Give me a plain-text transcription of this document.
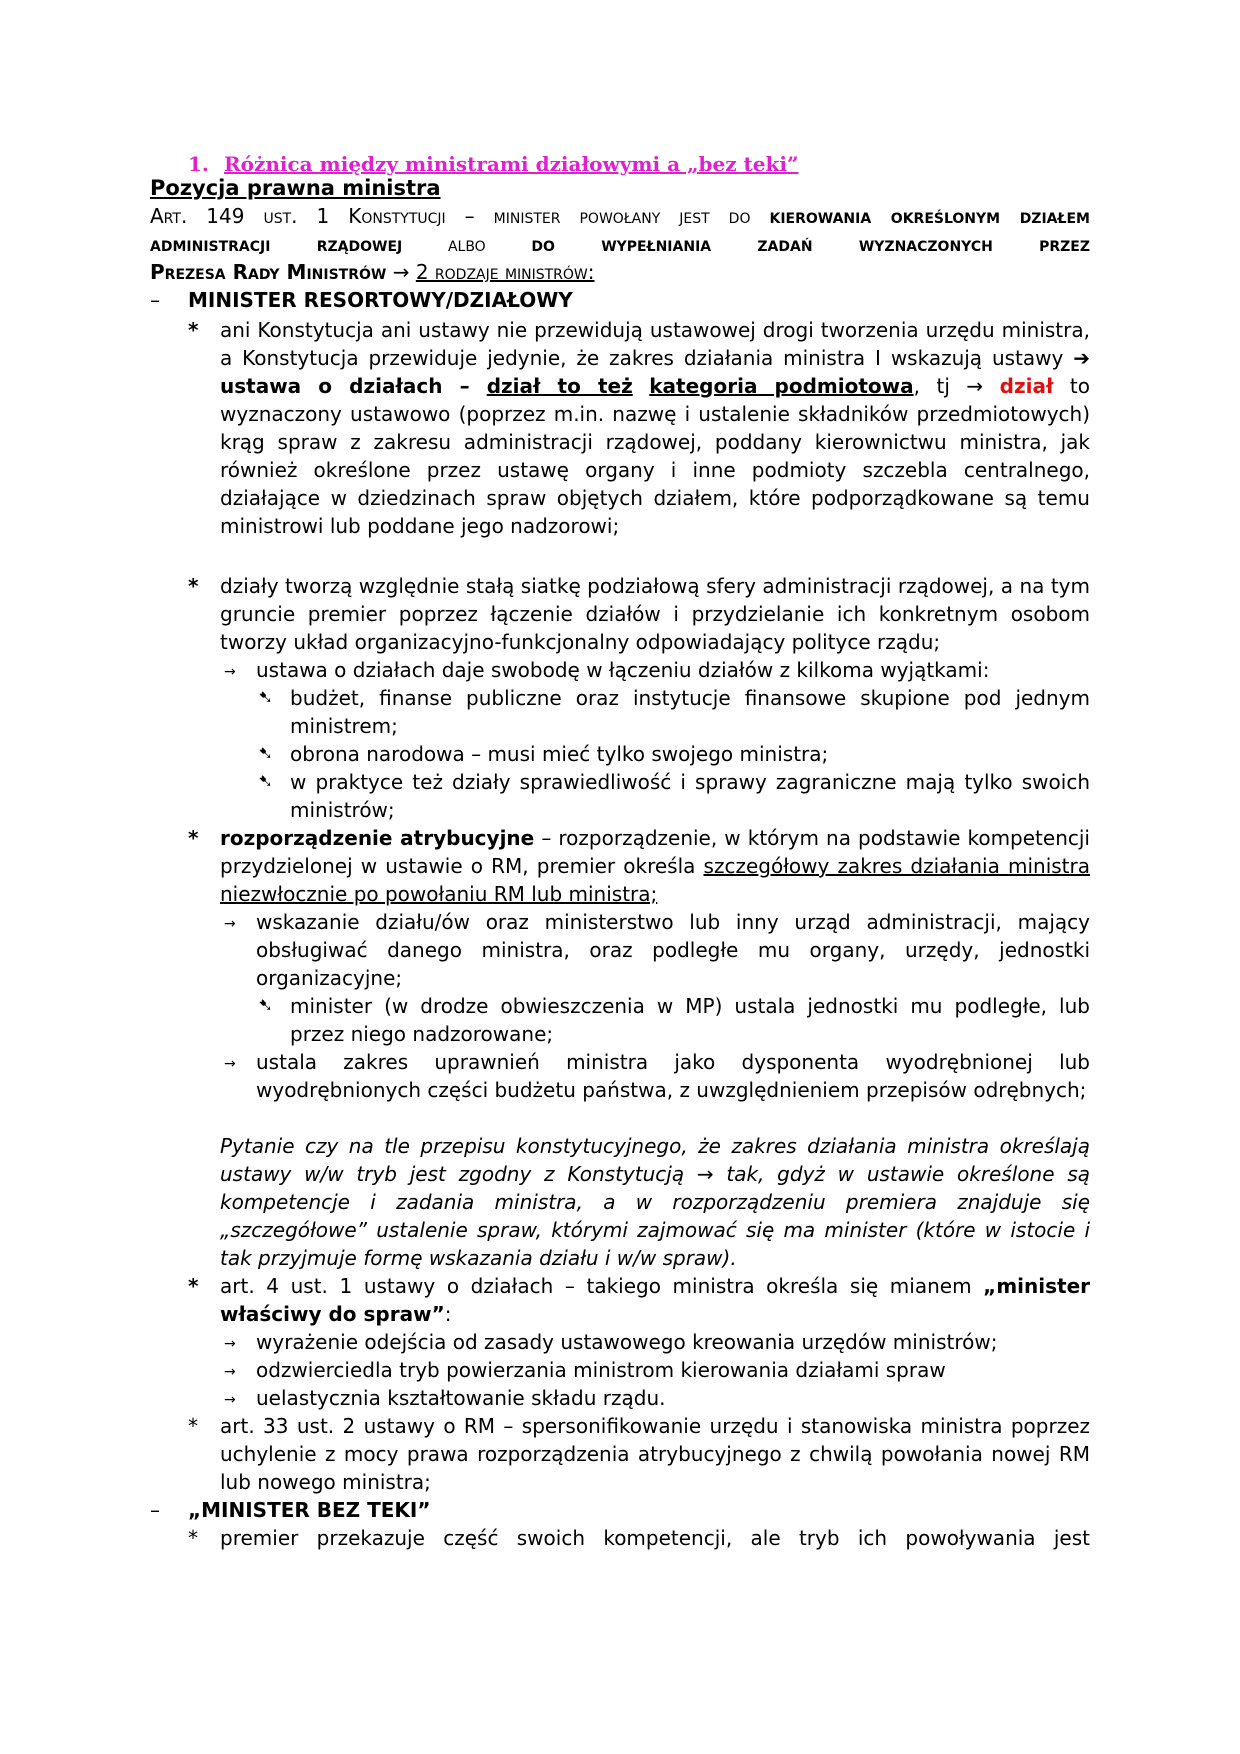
1. Różnica między ministrami działowymi a „bez teki”
Pozycja prawna ministra
Art. 149 ust. 1 Konstytucji – minister powołany jest do kierowania określonym działem
administracji rządowej albo do wypełniania zadań wyznaczonych przez
Prezesa Rady Ministrów → 2 rodzaje ministrów:
– MINISTER RESORTOWY/DZIAŁOWY
* ani Konstytucja ani ustawy nie przewidują ustawowej drogi tworzenia urzędu ministra, a Konstytucja przewiduje jedynie, że zakres działania ministra I wskazują ustawy ➔ ustawa o działach – dział to też kategoria podmiotowa, tj → dział to wyznaczony ustawowo (poprzez m.in. nazwę i ustalenie składników przedmiotowych) krąg spraw z zakresu administracji rządowej, poddany kierownictwu ministra, jak również określone przez ustawę organy i inne podmioty szczebla centralnego, działające w dziedzinach spraw objętych działem, które podporządkowane są temu ministrowi lub poddane jego nadzorowi;

* działy tworzą względnie stałą siatkę podziałową sfery administracji rządowej, a na tym gruncie premier poprzez łączenie działów i przydzielanie ich konkretnym osobom tworzy układ organizacyjno-funkcjonalny odpowiadający polityce rządu;
→ ustawa o działach daje swobodę w łączeniu działów z kilkoma wyjątkami:
➷ budżet, finanse publiczne oraz instytucje finansowe skupione pod jednym ministrem;
➷ obrona narodowa – musi mieć tylko swojego ministra;
➷ w praktyce też działy sprawiedliwość i sprawy zagraniczne mają tylko swoich ministrów;
* rozporządzenie atrybucyjne – rozporządzenie, w którym na podstawie kompetencji przydzielonej w ustawie o RM, premier określa szczegółowy zakres działania ministra niezwłocznie po powołaniu RM lub ministra;

→ wskazanie działu/ów oraz ministerstwo lub inny urząd administracji, mający obsługiwać danego ministra, oraz podległe mu organy, urzędy, jednostki organizacyjne;
➷ minister (w drodze obwieszczenia w MP) ustala jednostki mu podległe, lub przez niego nadzorowane;
→ ustala zakres uprawnień ministra jako dysponenta wyodrębnionej lub wyodrębnionych części budżetu państwa, z uwzględnieniem przepisów odrębnych;
Pytanie czy na tle przepisu konstytucyjnego, że zakres działania ministra określają ustawy w/w tryb jest zgodny z Konstytucją → tak, gdyż w ustawie określone są kompetencje i zadania ministra, a w rozporządzeniu premiera znajduje się „szczegółowe” ustalenie spraw, którymi zajmować się ma minister (które w istocie i tak przyjmuje formę wskazania działu i w/w spraw).
* art. 4 ust. 1 ustawy o działach – takiego ministra określa się mianem „minister właściwy do spraw”:

→ wyrażenie odejścia od zasady ustawowego kreowania urzędów ministrów;
→ odzwierciedla tryb powierzania ministrom kierowania działami spraw
→ uelastycznia kształtowanie składu rządu.
* art. 33 ust. 2 ustawy o RM – spersonifikowanie urzędu i stanowiska ministra poprzez uchylenie z mocy prawa rozporządzenia atrybucyjnego z chwilą powołania nowej RM lub nowego ministra;
– „MINISTER BEZ TEKI”
* premier przekazuje część swoich kompetencji, ale tryb ich powoływania jest
